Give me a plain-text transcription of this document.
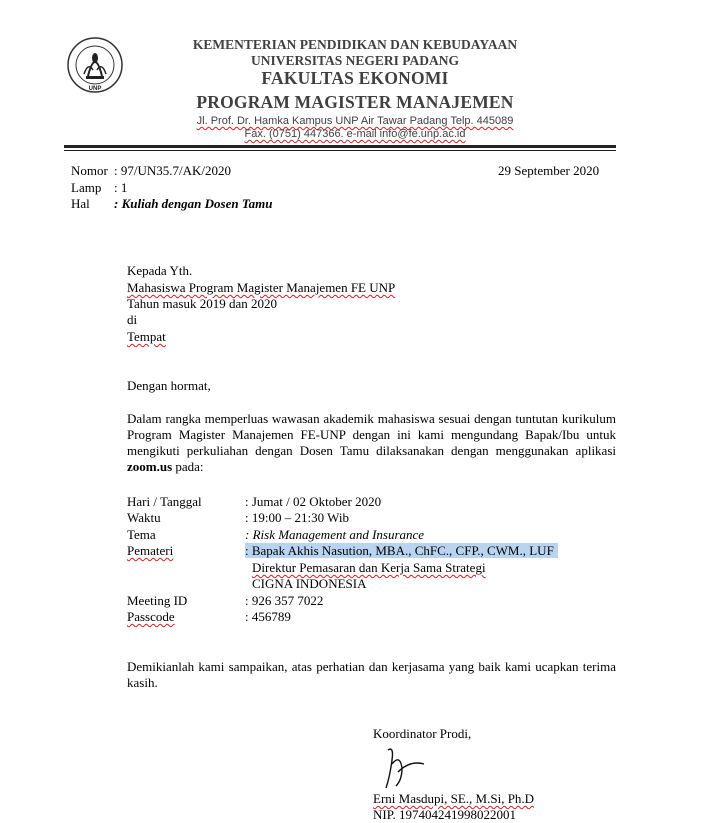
UNP
KEMENTERIAN PENDIDIKAN DAN KEBUDAYAAN
UNIVERSITAS NEGERI PADANG
FAKULTAS EKONOMI
PROGRAM MAGISTER MANAJEMEN
Jl. Prof. Dr. Hamka Kampus UNP Air Tawar Padang Telp. 445089
Fax. (0751) 447366. e-mail info@fe.unp.ac.id
Nomor : 97/UN35.7/AK/2020	29 September 2020
Lamp : 1
Hal : Kuliah dengan Dosen Tamu
Kepada Yth.
Mahasiswa Program Magister Manajemen FE UNP
Tahun masuk 2019 dan 2020
di
Tempat
Dengan hormat,
Dalam rangka memperluas wawasan akademik mahasiswa sesuai dengan tuntutan kurikulum Program Magister Manajemen FE-UNP dengan ini kami mengundang Bapak/Ibu untuk mengikuti perkuliahan dengan Dosen Tamu dilaksanakan dengan menggunakan aplikasi zoom.us pada:
Hari / Tanggal	: Jumat / 02 Oktober 2020
Waktu	: 19:00 – 21:30 Wib
Tema	: Risk Management and Insurance
Pemateri	: Bapak Akhis Nasution, MBA., ChFC., CFP., CWM., LUF
Direktur Pemasaran dan Kerja Sama Strategi
CIGNA INDONESIA
Meeting ID	: 926 357 7022
Passcode	: 456789
Demikianlah kami sampaikan, atas perhatian dan kerjasama yang baik kami ucapkan terima kasih.
Koordinator Prodi,
Erni Masdupi, SE., M.Si, Ph.D
NIP. 197404241998022001
